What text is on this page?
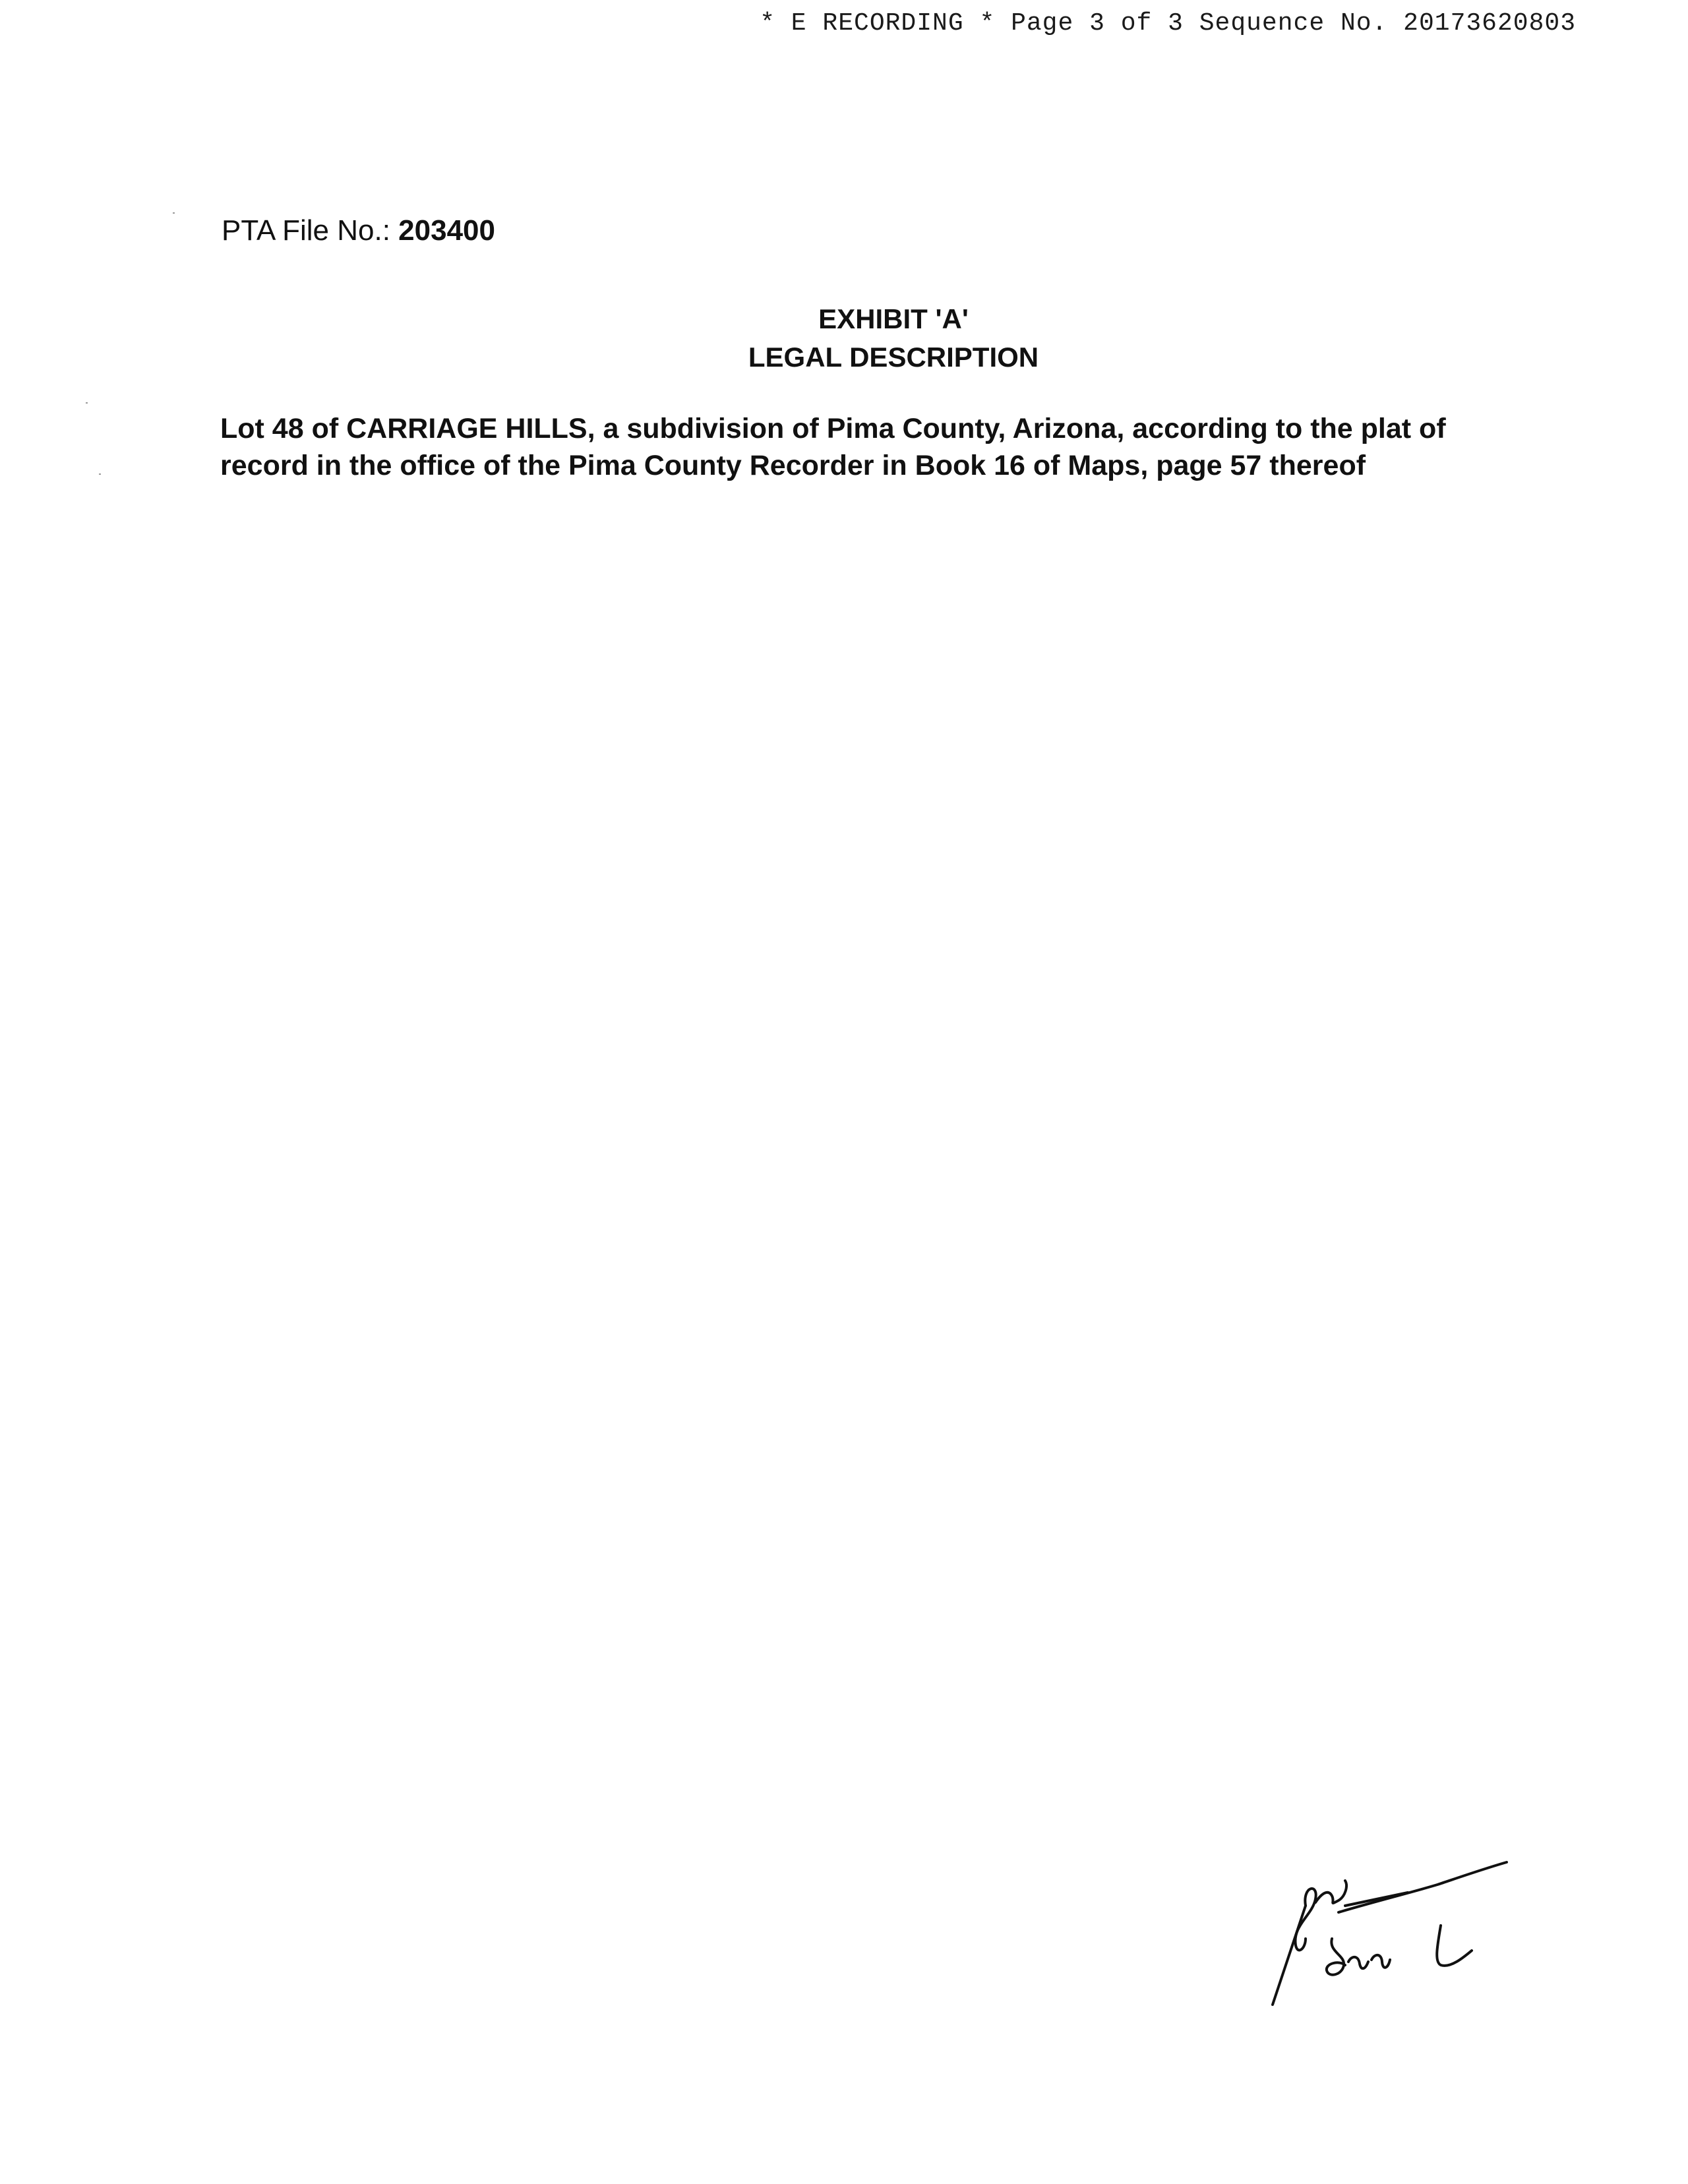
* E RECORDING * Page 3 of 3 Sequence No. 20173620803
PTA File No.: 203400
EXHIBIT 'A'
LEGAL DESCRIPTION
Lot 48 of CARRIAGE HILLS, a subdivision of Pima County, Arizona, according to the plat of
record in the office of the Pima County Recorder in Book 16 of Maps, page 57 thereof
